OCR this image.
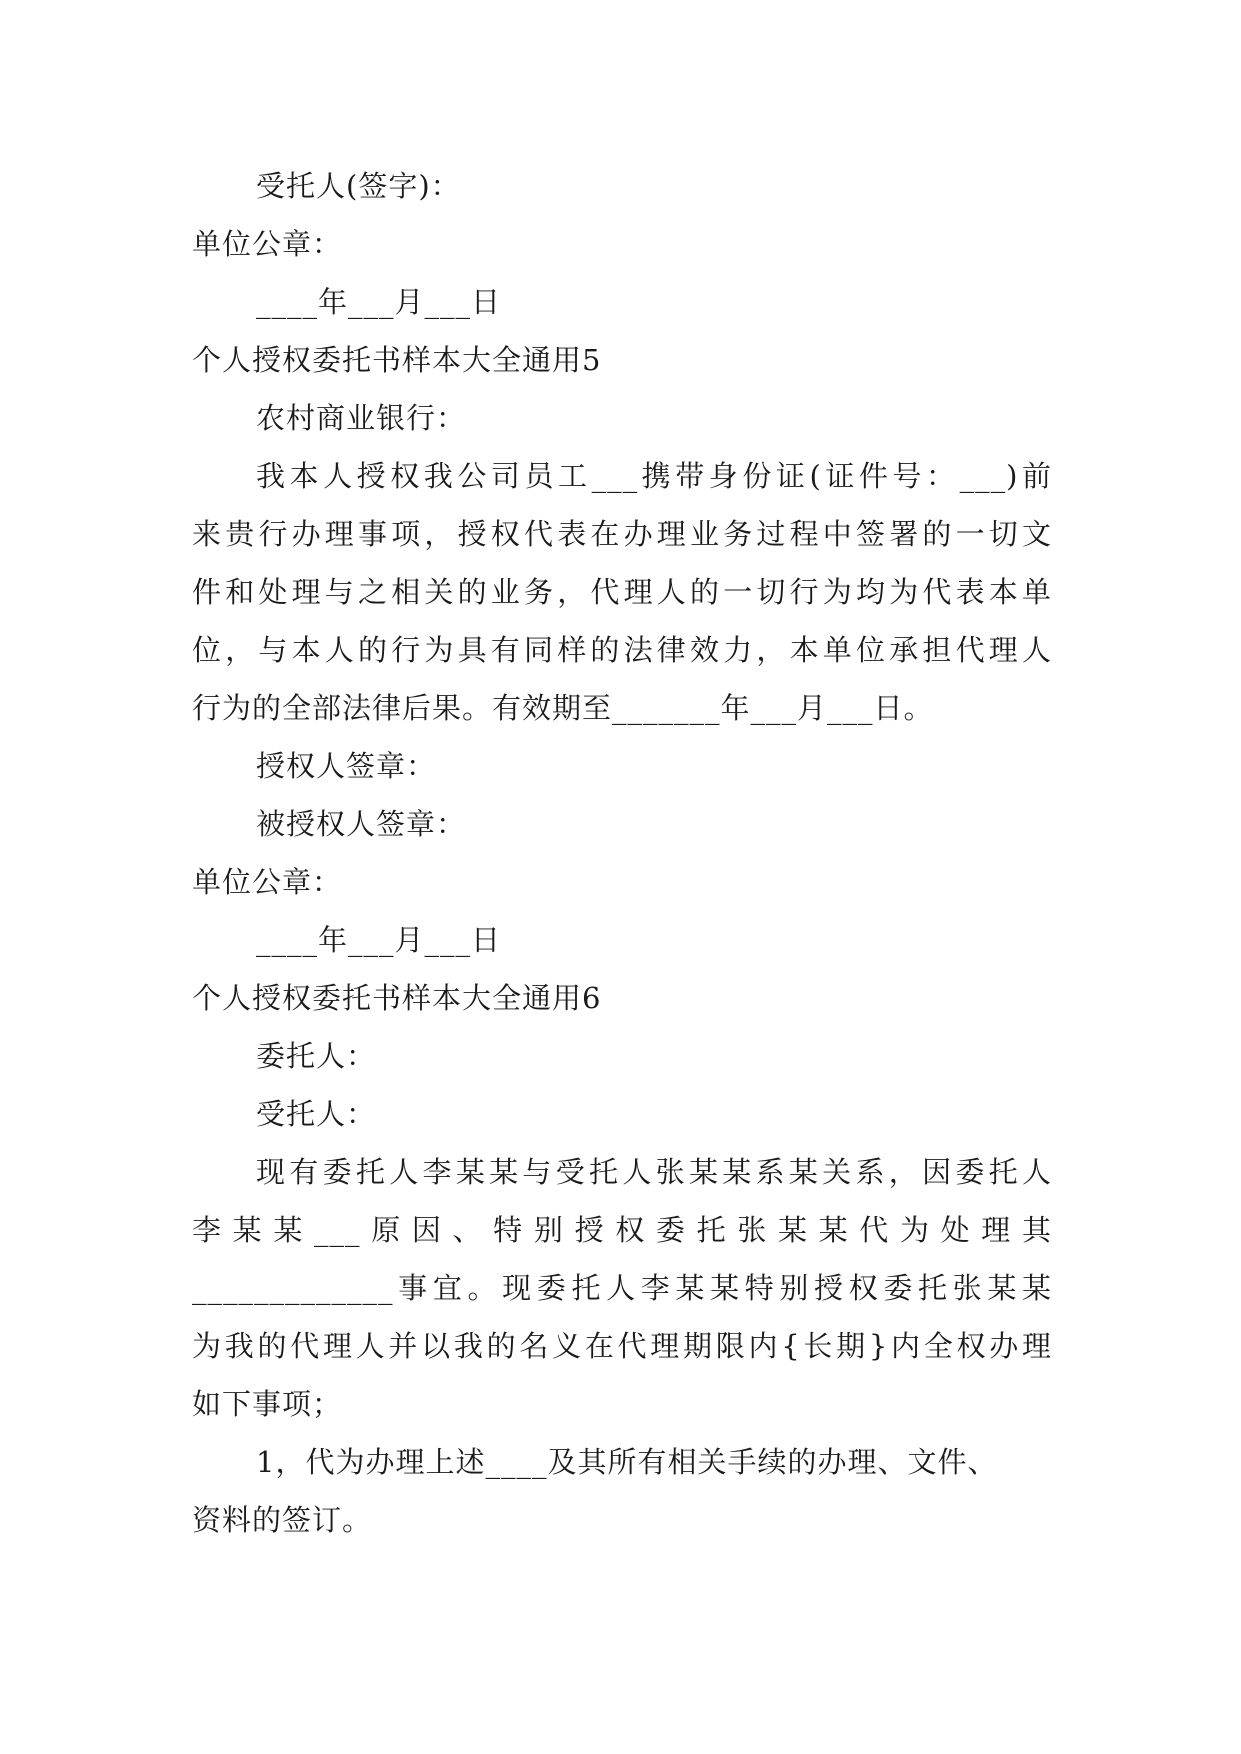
受托人(签字)：
单位公章：
____年___月___日
个人授权委托书样本大全通用5
农村商业银行：
我本人授权我公司员工___携带身份证(证件号：___)前
来贵行办理事项，授权代表在办理业务过程中签署的一切文
件和处理与之相关的业务，代理人的一切行为均为代表本单
位，与本人的行为具有同样的法律效力，本单位承担代理人
行为的全部法律后果。有效期至_______年___月___日。
授权人签章：
被授权人签章：
单位公章：
____年___月___日
个人授权委托书样本大全通用6
委托人：
受托人：
现有委托人李某某与受托人张某某系某关系，因委托人
李某某___原因、特别授权委托张某某代为处理其
_____________事宜。现委托人李某某特别授权委托张某某
为我的代理人并以我的名义在代理期限内{长期}内全权办理
如下事项；
1，代为办理上述____及其所有相关手续的办理、文件、
资料的签订。
